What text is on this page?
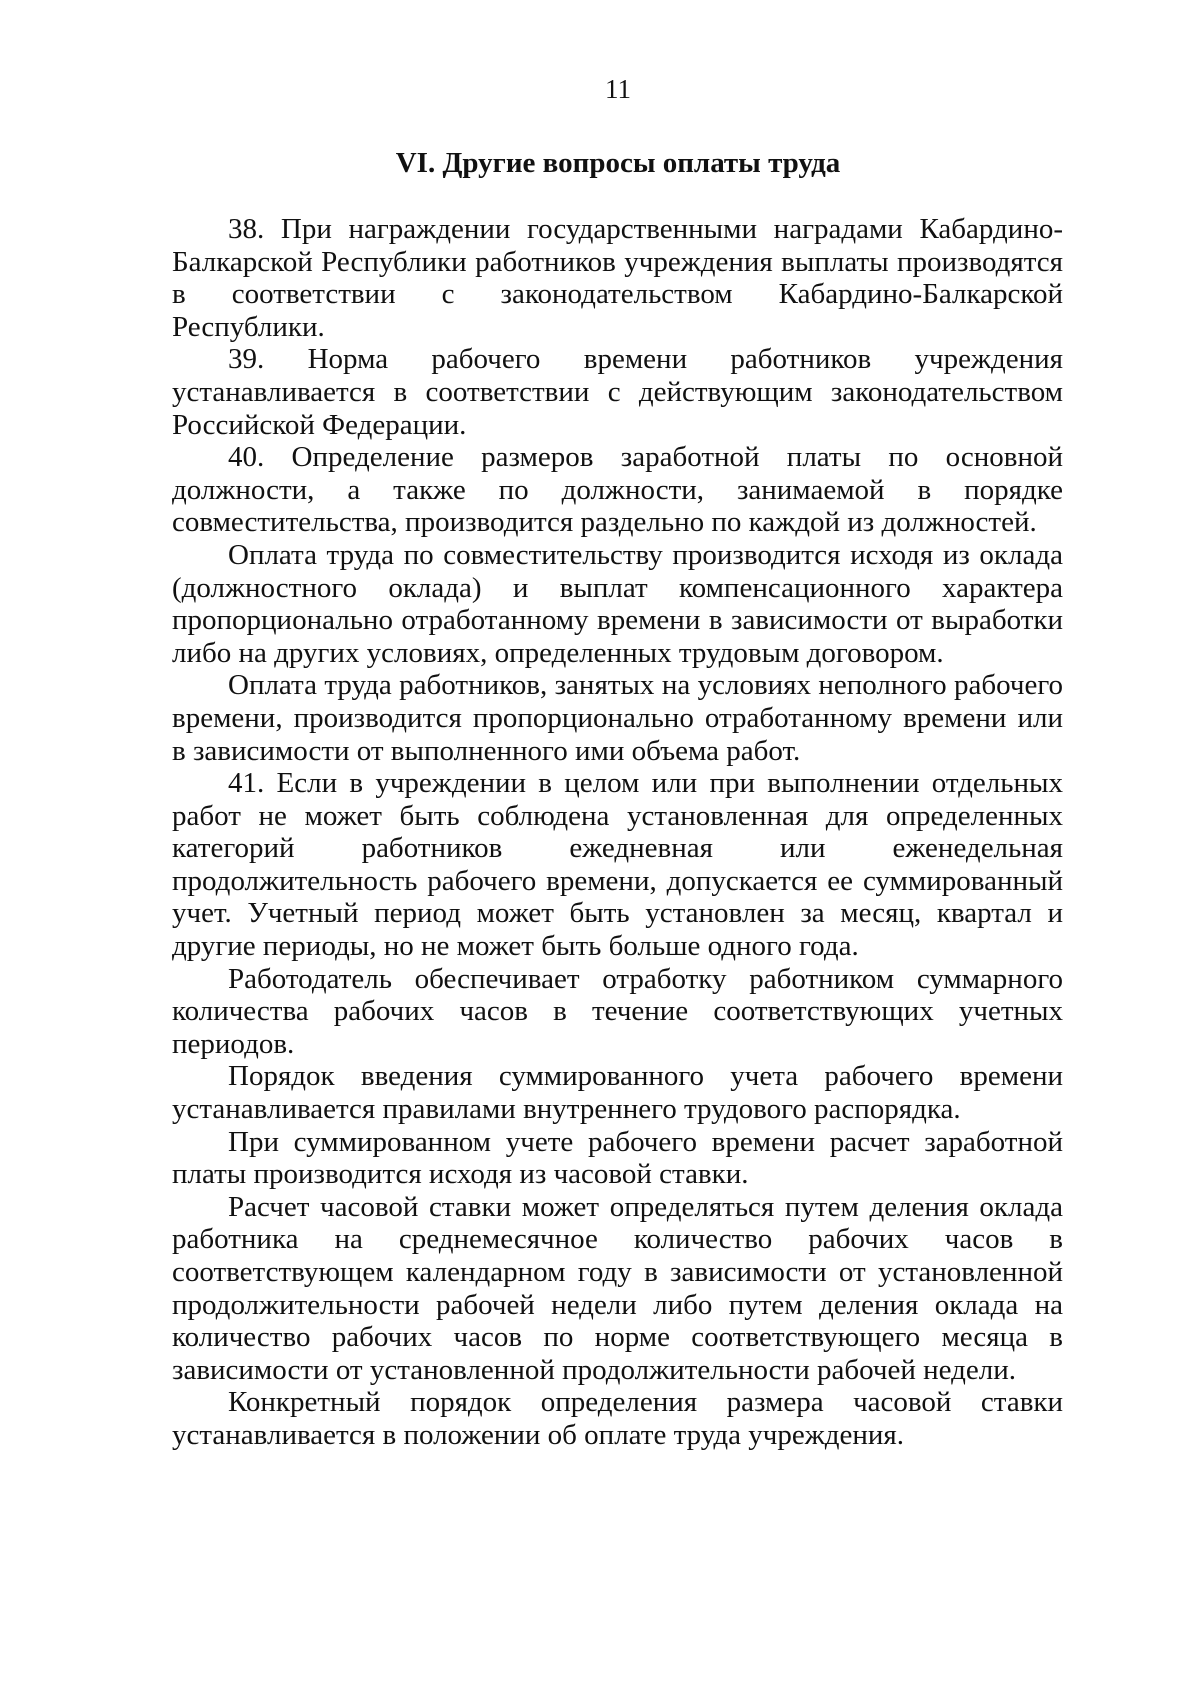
11
VI. Другие вопросы оплаты труда

38. При награждении государственными наградами Кабардино-Балкарской Республики работников учреждения выплаты производятся в соответствии с законодательством Кабардино-Балкарской Республики.

39. Норма рабочего времени работников учреждения устанавливается в соответствии с действующим законодательством Российской Федерации.

40. Определение размеров заработной платы по основной должности, а также по должности, занимаемой в порядке совместительства, производится раздельно по каждой из должностей.

Оплата труда по совместительству производится исходя из оклада (должностного оклада) и выплат компенсационного характера пропорционально отработанному времени в зависимости от выработки либо на других условиях, определенных трудовым договором.

Оплата труда работников, занятых на условиях неполного рабочего времени, производится пропорционально отработанному времени или в зависимости от выполненного ими объема работ.

41. Если в учреждении в целом или при выполнении отдельных работ не может быть соблюдена установленная для определенных категорий работников ежедневная или еженедельная продолжительность рабочего времени, допускается ее суммированный учет. Учетный период может быть установлен за месяц, квартал и другие периоды, но не может быть больше одного года.

Работодатель обеспечивает отработку работником суммарного количества рабочих часов в течение соответствующих учетных периодов.

Порядок введения суммированного учета рабочего времени устанавливается правилами внутреннего трудового распорядка.

При суммированном учете рабочего времени расчет заработной платы производится исходя из часовой ставки.

Расчет часовой ставки может определяться путем деления оклада работника на среднемесячное количество рабочих часов в соответствующем календарном году в зависимости от установленной продолжительности рабочей недели либо путем деления оклада на количество рабочих часов по норме соответствующего месяца в зависимости от установленной продолжительности рабочей недели.

Конкретный порядок определения размера часовой ставки устанавливается в положении об оплате труда учреждения.
